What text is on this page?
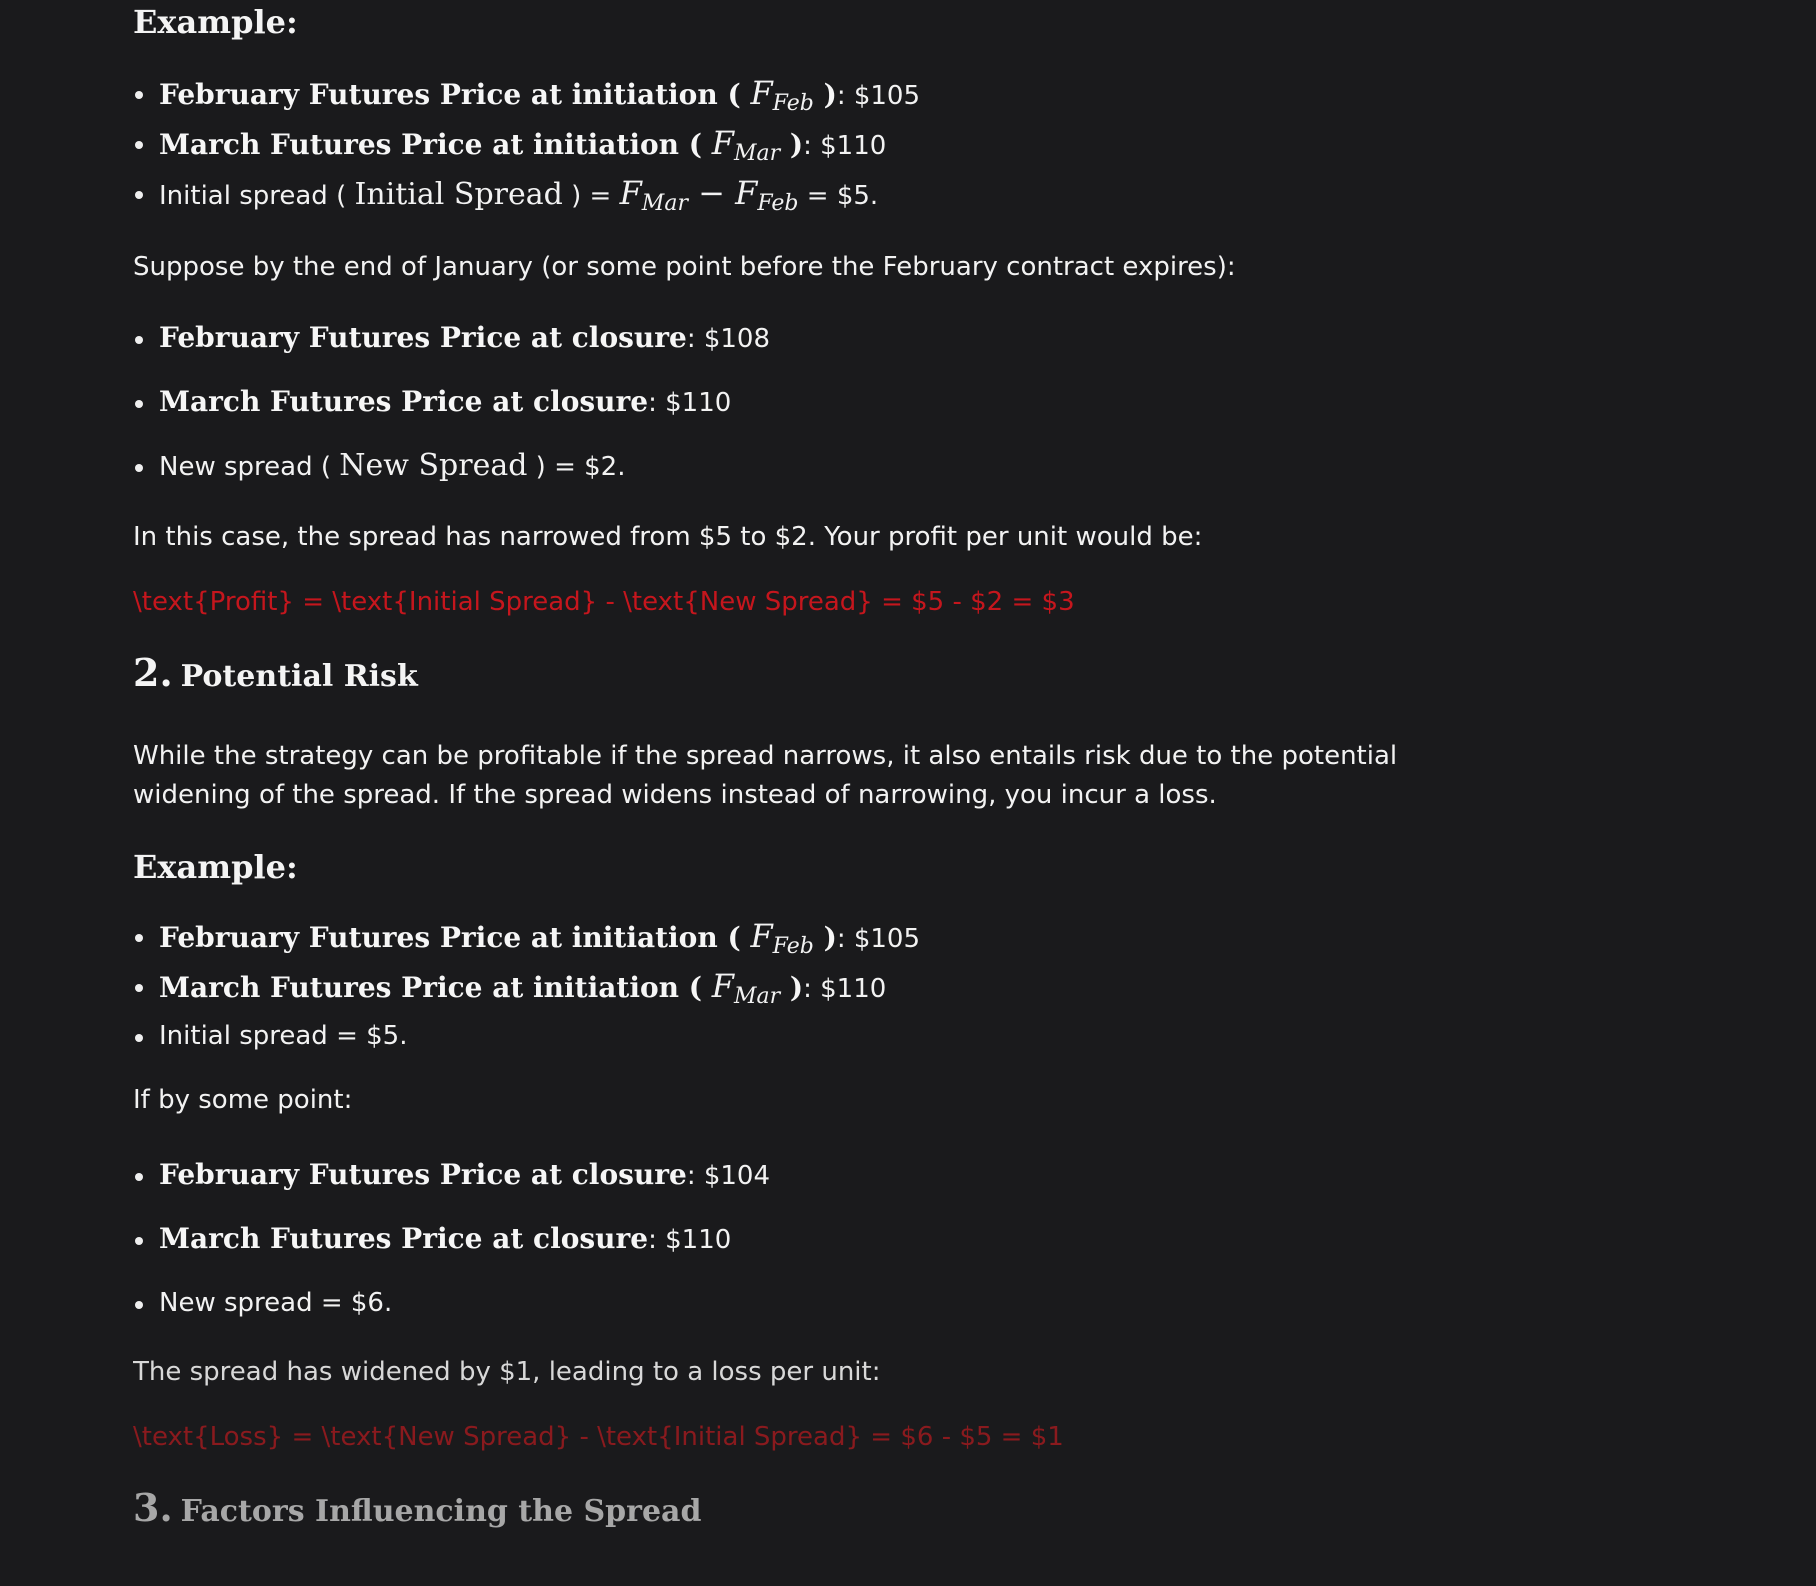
Example:
February Futures Price at initiation ( $F_{Feb}$ ): $105
March Futures Price at initiation ( $F_{Mar}$ ): $110
Initial spread ( Initial Spread ) = $F_{Mar} - F_{Feb}$ = $5.

Suppose by the end of January (or some point before the February contract expires):

February Futures Price at closure: $108
March Futures Price at closure: $110
New spread ( New Spread ) = $2.

In this case, the spread has narrowed from $5 to $2. Your profit per unit would be:

\text{Profit} = \text{Initial Spread} - \text{New Spread} = $5 - $2 = $3

2. Potential Risk

While the strategy can be profitable if the spread narrows, it also entails risk due to the potential widening of the spread. If the spread widens instead of narrowing, you incur a loss.

Example:
February Futures Price at initiation ( $F_{Feb}$ ): $105
March Futures Price at initiation ( $F_{Mar}$ ): $110
Initial spread = $5.

If by some point:

February Futures Price at closure: $104
March Futures Price at closure: $110
New spread = $6.

The spread has widened by $1, leading to a loss per unit:

\text{Loss} = \text{New Spread} - \text{Initial Spread} = $6 - $5 = $1

3. Factors Influencing the Spread
